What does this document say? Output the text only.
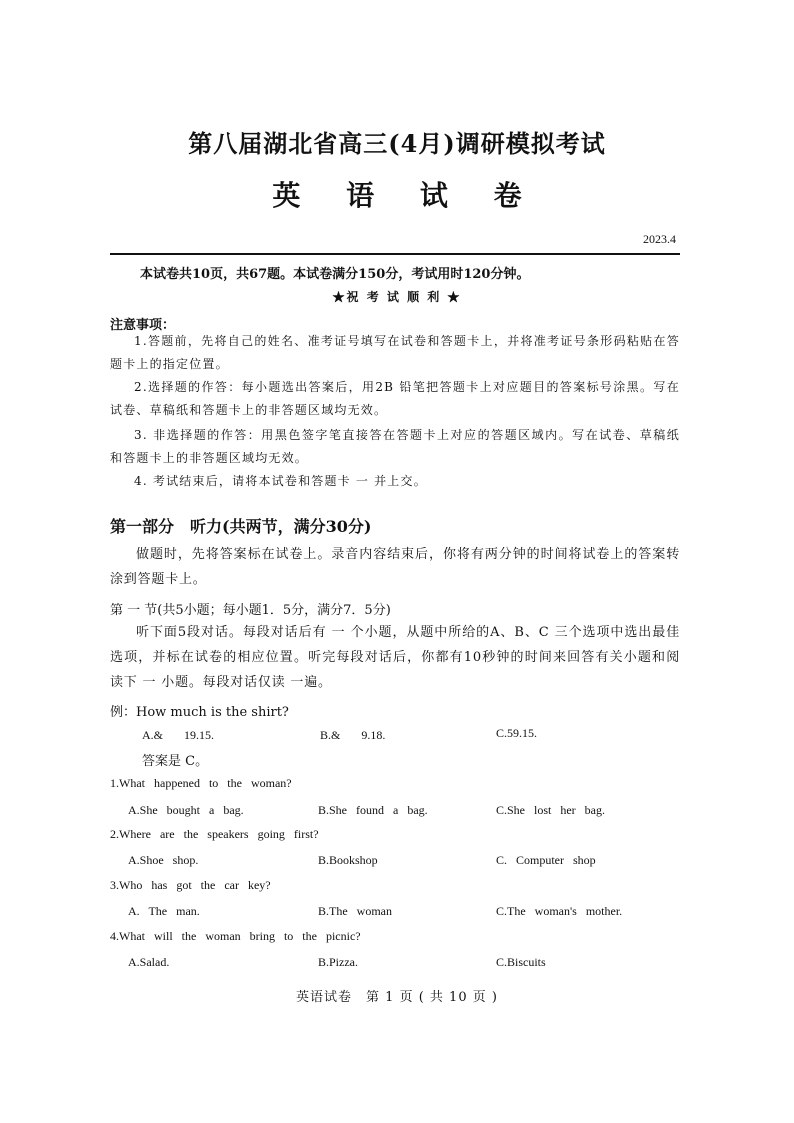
第八届湖北省高三(4月)调研模拟考试
英 语 试 卷
2023.4
本试卷共10页，共67题。本试卷满分150分，考试用时120分钟。
★祝 考 试 顺 利 ★
注意事项：
1.答题前，先将自己的姓名、准考证号填写在试卷和答题卡上，并将准考证号条形码粘贴在答题卡上的指定位置。
2.选择题的作答：每小题选出答案后，用2B 铅笔把答题卡上对应题目的答案标号涂黑。写在试卷、草稿纸和答题卡上的非答题区域均无效。
3. 非选择题的作答：用黑色签字笔直接答在答题卡上对应的答题区域内。写在试卷、草稿纸和答题卡上的非答题区域均无效。
4. 考试结束后，请将本试卷和答题卡 一 并上交。
第一部分　听力(共两节，满分30分)
做题时，先将答案标在试卷上。录音内容结束后，你将有两分钟的时间将试卷上的答案转涂到答题卡上。
第 一 节(共5小题；每小题1．5分，满分7．5分)
听下面5段对话。每段对话后有 一 个小题，从题中所给的A、B、C 三个选项中选出最佳选项，并标在试卷的相应位置。听完每段对话后，你都有10秒钟的时间来回答有关小题和阅读下 一 小题。每段对话仅读 一遍。
例：How much is the shirt?
A.&　 19.15.	B.&　 9.18.	C.59.15.
答案是 C。
1.What happened to the woman?
A.She bought a bag.	B.She found a bag.	C.She lost her bag.
2.Where are the speakers going first?
A.Shoe shop.	B.Bookshop	C. Computer shop
3.Who has got the car key?
A. The man.	B.The woman	C.The woman's mother.
4.What will the woman bring to the picnic?
A.Salad.	B.Pizza.	C.Biscuits
英语试卷　第 1 页 ( 共 10 页 )
